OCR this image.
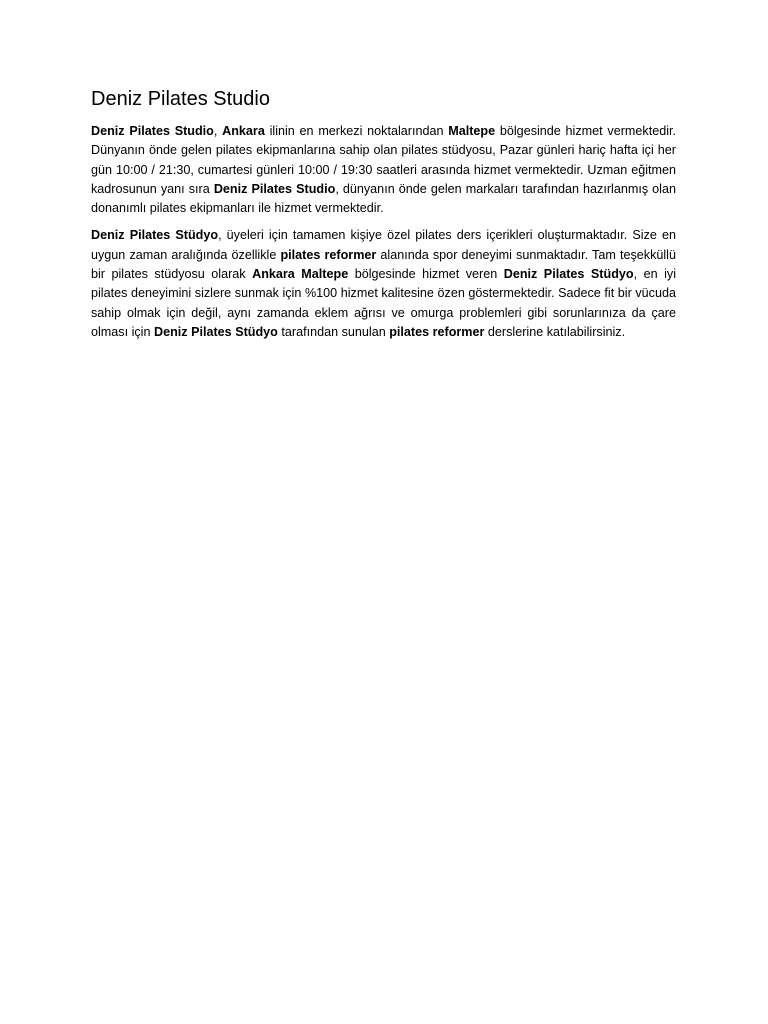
Deniz Pilates Studio

Deniz Pilates Studio, Ankara ilinin en merkezi noktalarından Maltepe bölgesinde hizmet vermektedir. Dünyanın önde gelen pilates ekipmanlarına sahip olan pilates stüdyosu, Pazar günleri hariç hafta içi her gün 10:00 / 21:30, cumartesi günleri 10:00 / 19:30 saatleri arasında hizmet vermektedir. Uzman eğitmen kadrosunun yanı sıra Deniz Pilates Studio, dünyanın önde gelen markaları tarafından hazırlanmış olan donanımlı pilates ekipmanları ile hizmet vermektedir.

Deniz Pilates Stüdyo, üyeleri için tamamen kişiye özel pilates ders içerikleri oluşturmaktadır. Size en uygun zaman aralığında özellikle pilates reformer alanında spor deneyimi sunmaktadır. Tam teşekküllü bir pilates stüdyosu olarak Ankara Maltepe bölgesinde hizmet veren Deniz Pilates Stüdyo, en iyi pilates deneyimini sizlere sunmak için %100 hizmet kalitesine özen göstermektedir. Sadece fit bir vücuda sahip olmak için değil, aynı zamanda eklem ağrısı ve omurga problemleri gibi sorunlarınıza da çare olması için Deniz Pilates Stüdyo tarafından sunulan pilates reformer derslerine katılabilirsiniz.
